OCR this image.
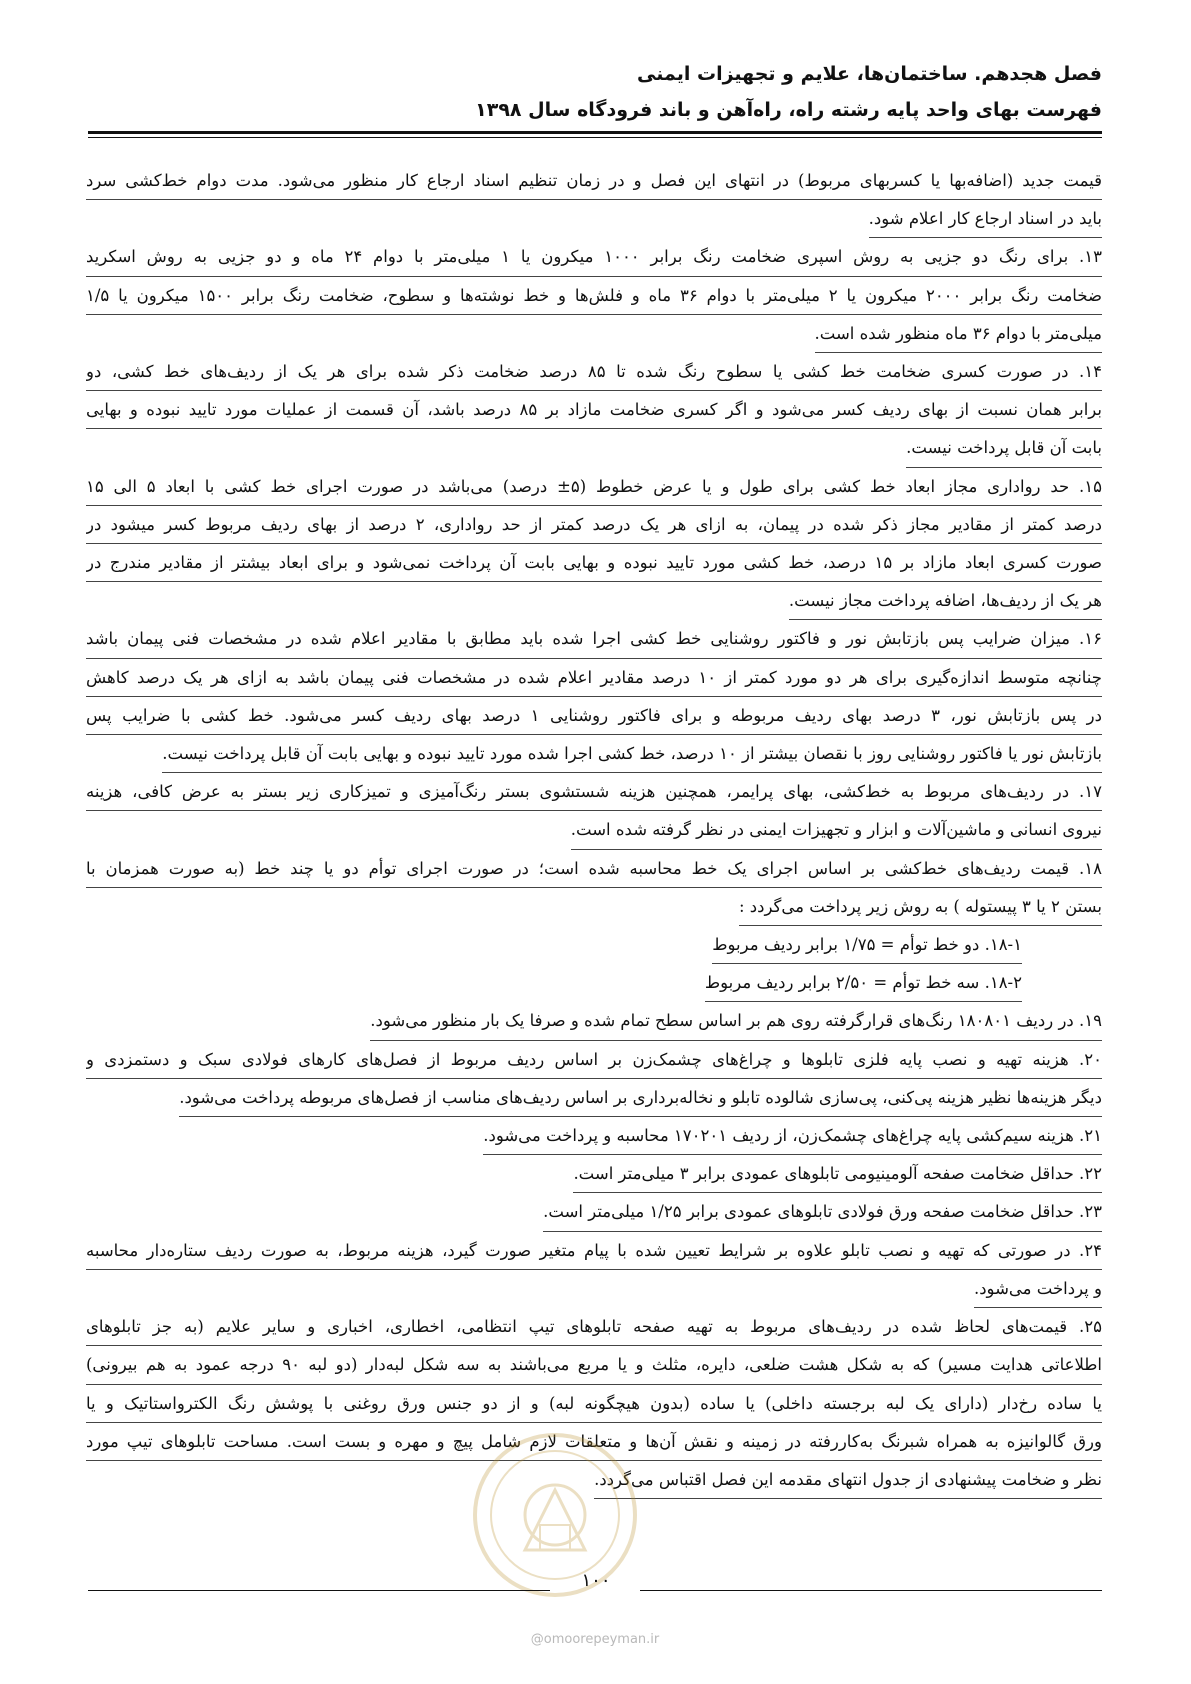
فصل هجدهم. ساختمان‌ها، علایم و تجهیزات ایمنی
فهرست بهای واحد پایه رشته راه، راه‌آهن و باند فرودگاه سال ۱۳۹۸
قیمت جدید (اضافه‌بها یا کسربهای مربوط) در انتهای این فصل و در زمان تنظیم اسناد ارجاع کار منظور می‌شود. مدت دوام خط‌کشی سرد
باید در اسناد ارجاع کار اعلام شود.
۱۳. برای رنگ دو جزیی به روش اسپری ضخامت رنگ برابر ۱۰۰۰ میکرون یا ۱ میلی‌متر با دوام ۲۴ ماه و دو جزیی به روش اسکرید
ضخامت رنگ برابر ۲۰۰۰ میکرون یا ۲ میلی‌متر با دوام ۳۶ ماه و فلش‌ها و خط نوشته‌ها و سطوح، ضخامت رنگ برابر ۱۵۰۰ میکرون یا ۱/۵
میلی‌متر با دوام ۳۶ ماه منظور شده است.
۱۴. در صورت کسری ضخامت خط کشی یا سطوح رنگ شده تا ۸۵ درصد ضخامت ذکر شده برای هر یک از ردیف‌های خط کشی، دو
برابر همان نسبت از بهای ردیف کسر می‌شود و اگر کسری ضخامت مازاد بر ۸۵ درصد باشد، آن قسمت از عملیات مورد تایید نبوده و بهایی
بابت آن قابل پرداخت نیست.
۱۵. حد رواداری مجاز ابعاد خط کشی برای طول و یا عرض خطوط (۵± درصد) می‌باشد در صورت اجرای خط کشی با ابعاد ۵ الی ۱۵
درصد کمتر از مقادیر مجاز ذکر شده در پیمان، به ازای هر یک درصد کمتر از حد رواداری، ۲ درصد از بهای ردیف مربوط کسر میشود در
صورت کسری ابعاد مازاد بر ۱۵ درصد، خط کشی مورد تایید نبوده و بهایی بابت آن پرداخت نمی‌شود و برای ابعاد بیشتر از مقادیر مندرج در
هر یک از ردیف‌ها، اضافه پرداخت مجاز نیست.
۱۶. میزان ضرایب پس بازتابش نور و فاکتور روشنایی خط کشی اجرا شده باید مطابق با مقادیر اعلام شده در مشخصات فنی پیمان باشد
چنانچه متوسط اندازه‌گیری برای هر دو مورد کمتر از ۱۰ درصد مقادیر اعلام شده در مشخصات فنی پیمان باشد به ازای هر یک درصد کاهش
در پس بازتابش نور، ۳ درصد بهای ردیف مربوطه و برای فاکتور روشنایی ۱ درصد بهای ردیف کسر می‌شود. خط کشی با ضرایب پس
بازتابش نور یا فاکتور روشنایی روز با نقصان بیشتر از ۱۰ درصد، خط کشی اجرا شده مورد تایید نبوده و بهایی بابت آن قابل پرداخت نیست.
۱۷. در ردیف‌های مربوط به خط‌کشی، بهای پرایمر، همچنین هزینه شستشوی بستر رنگ‌آمیزی و تمیزکاری زیر بستر به عرض کافی، هزینه
نیروی انسانی و ماشین‌آلات و ابزار و تجهیزات ایمنی در نظر گرفته شده است.
۱۸. قیمت ردیف‌های خط‌کشی بر اساس اجرای یک خط محاسبه شده است؛ در صورت اجرای توأم دو یا چند خط (به صورت همزمان با
بستن ۲ یا ۳ پیستوله ) به روش زیر پرداخت می‌گردد :
۱۸-۱. دو خط توأم = ۱/۷۵ برابر ردیف مربوط
۱۸-۲. سه خط توأم = ۲/۵۰ برابر ردیف مربوط
۱۹. در ردیف ۱۸۰۸۰۱ رنگ‌های قرارگرفته روی هم بر اساس سطح تمام شده و صرفا یک بار منظور می‌شود.
۲۰. هزینه تهیه و نصب پایه فلزی تابلوها و چراغ‌های چشمک‌زن بر اساس ردیف مربوط از فصل‌های کارهای فولادی سبک و دستمزدی و
دیگر هزینه‌ها نظیر هزینه پی‌کنی، پی‌سازی شالوده تابلو و نخاله‌برداری بر اساس ردیف‌های مناسب از فصل‌های مربوطه پرداخت می‌شود.
۲۱. هزینه سیم‌کشی پایه چراغ‌های چشمک‌زن، از ردیف ۱۷۰۲۰۱ محاسبه و پرداخت می‌شود.
۲۲. حداقل ضخامت صفحه آلومینیومی تابلوهای عمودی برابر ۳ میلی‌متر است.
۲۳. حداقل ضخامت صفحه ورق فولادی تابلوهای عمودی برابر ۱/۲۵ میلی‌متر است.
۲۴. در صورتی که تهیه و نصب تابلو علاوه بر شرایط تعیین شده با پیام متغیر صورت گیرد، هزینه مربوط، به صورت ردیف ستاره‌دار محاسبه
و پرداخت می‌شود.
۲۵. قیمت‌های لحاظ شده در ردیف‌های مربوط به تهیه صفحه تابلوهای تیپ انتظامی، اخطاری، اخباری و سایر علایم (به جز تابلوهای
اطلاعاتی هدایت مسیر) که به شکل هشت ضلعی، دایره، مثلث و یا مربع می‌باشند به سه شکل لبه‌دار (دو لبه ۹۰ درجه عمود به هم بیرونی)
یا ساده رخ‌دار (دارای یک لبه برجسته داخلی) یا ساده (بدون هیچگونه لبه) و از دو جنس ورق روغنی با پوشش رنگ الکترواستاتیک و یا
ورق گالوانیزه به همراه شبرنگ به‌کاررفته در زمینه و نقش آن‌ها و متعلقات لازم شامل پیچ و مهره و بست است. مساحت تابلوهای تیپ مورد
نظر و ضخامت پیشنهادی از جدول انتهای مقدمه این فصل اقتباس می‌گردد.
۱۰۰
@omoorepeyman.ir
